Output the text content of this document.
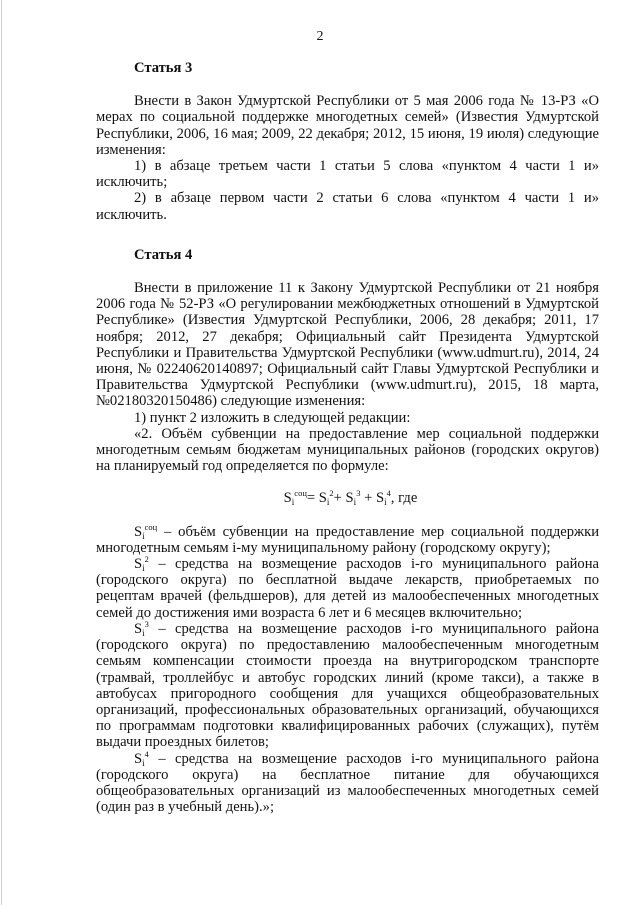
2

Статья 3

Внести в Закон Удмуртской Республики от 5 мая 2006 года № 13-РЗ «О мерах по социальной поддержке многодетных семей» (Известия Удмуртской Республики, 2006, 16 мая; 2009, 22 декабря; 2012, 15 июня, 19 июля) следующие изменения:

1) в абзаце третьем части 1 статьи 5 слова «пунктом 4 части 1 и» исключить;

2) в абзаце первом части 2 статьи 6 слова «пунктом 4 части 1 и» исключить.

Статья 4

Внести в приложение 11 к Закону Удмуртской Республики от 21 ноября 2006 года № 52-РЗ «О регулировании межбюджетных отношений в Удмуртской Республике» (Известия Удмуртской Республики, 2006, 28 декабря; 2011, 17 ноября; 2012, 27 декабря; Официальный сайт Президента Удмуртской Республики и Правительства Удмуртской Республики (www.udmurt.ru), 2014, 24 июня, № 02240620140897; Официальный сайт Главы Удмуртской Республики и Правительства Удмуртской Республики (www.udmurt.ru), 2015, 18 марта, №02180320150486) следующие изменения:

1) пункт 2 изложить в следующей редакции:

«2. Объём субвенции на предоставление мер социальной поддержки многодетным семьям бюджетам муниципальных районов (городских округов) на планируемый год определяется по формуле:

$S_i^{соц}= S_i^2+ S_i^3 + S_i^4$, где

$S_i^{соц}$ – объём субвенции на предоставление мер социальной поддержки многодетным семьям i-му муниципальному району (городскому округу);

$S_i^2$ – средства на возмещение расходов i-го муниципального района (городского округа) по бесплатной выдаче лекарств, приобретаемых по рецептам врачей (фельдшеров), для детей из малообеспеченных многодетных семей до достижения ими возраста 6 лет и 6 месяцев включительно;

$S_i^3$ – средства на возмещение расходов i-го муниципального района (городского округа) по предоставлению малообеспеченным многодетным семьям компенсации стоимости проезда на внутригородском транспорте (трамвай, троллейбус и автобус городских линий (кроме такси), а также в автобусах пригородного сообщения для учащихся общеобразовательных организаций, профессиональных образовательных организаций, обучающихся по программам подготовки квалифицированных рабочих (служащих), путём выдачи проездных билетов;

$S_i^4$ – средства на возмещение расходов i-го муниципального района (городского округа) на бесплатное питание для обучающихся общеобразовательных организаций из малообеспеченных многодетных семей (один раз в учебный день).»;
